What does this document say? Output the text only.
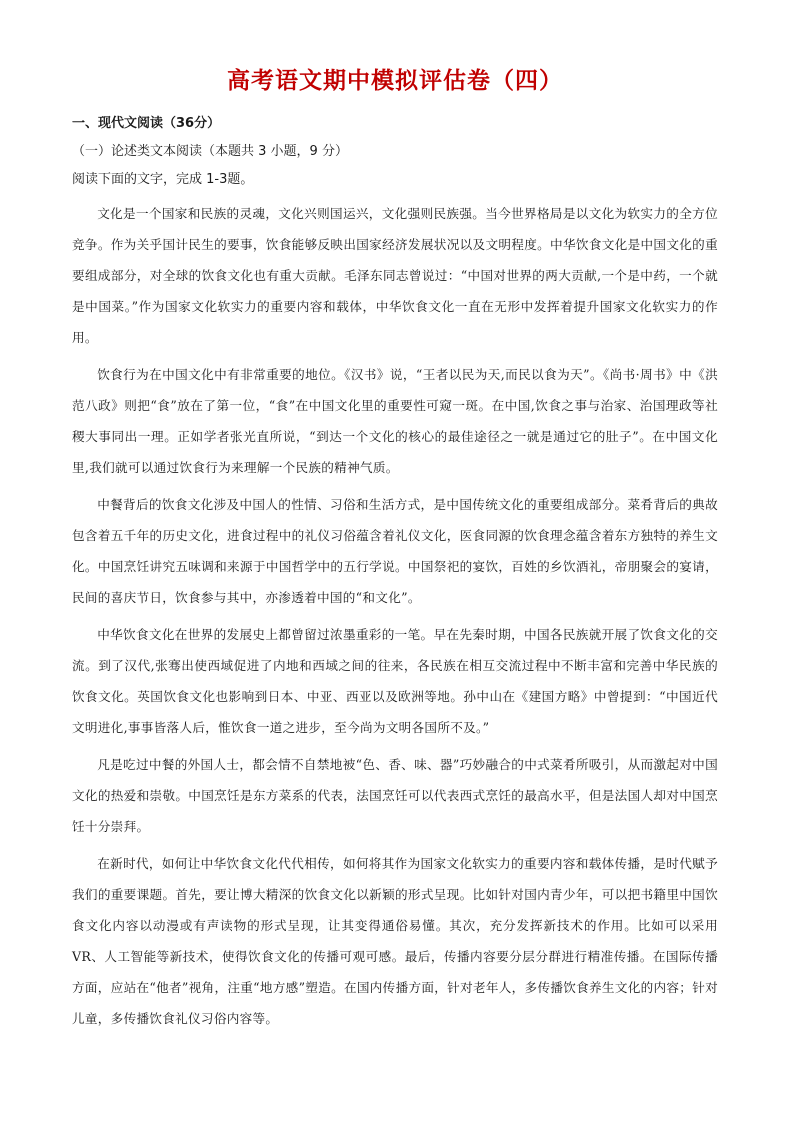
高考语文期中模拟评估卷（四）
一、现代文阅读（36分）
（一）论述类文本阅读（本题共 3 小题，9 分）
阅读下面的文字，完成 1-3题。

文化是一个国家和民族的灵魂，文化兴则国运兴，文化强则民族强。当今世界格局是以文化为软实力的全方位竞争。作为关乎国计民生的要事，饮食能够反映出国家经济发展状况以及文明程度。中华饮食文化是中国文化的重要组成部分，对全球的饮食文化也有重大贡献。毛泽东同志曾说过：“中国对世界的两大贡献,一个是中药，一个就是中国菜。”作为国家文化软实力的重要内容和载体，中华饮食文化一直在无形中发挥着提升国家文化软实力的作用。

饮食行为在中国文化中有非常重要的地位。《汉书》说，“王者以民为天,而民以食为天”。《尚书·周书》中《洪范八政》则把“食”放在了第一位，“食”在中国文化里的重要性可窥一斑。在中国,饮食之事与治家、治国理政等社稷大事同出一理。正如学者张光直所说，“到达一个文化的核心的最佳途径之一就是通过它的肚子”。在中国文化里,我们就可以通过饮食行为来理解一个民族的精神气质。

中餐背后的饮食文化涉及中国人的性情、习俗和生活方式，是中国传统文化的重要组成部分。菜肴背后的典故包含着五千年的历史文化，进食过程中的礼仪习俗蕴含着礼仪文化，医食同源的饮食理念蕴含着东方独特的养生文化。中国烹饪讲究五味调和来源于中国哲学中的五行学说。中国祭祀的宴饮，百姓的乡饮酒礼，帝朋聚会的宴请，民间的喜庆节日，饮食参与其中，亦渗透着中国的“和文化”。

中华饮食文化在世界的发展史上都曾留过浓墨重彩的一笔。早在先秦时期，中国各民族就开展了饮食文化的交流。到了汉代,张骞出使西域促进了内地和西域之间的往来，各民族在相互交流过程中不断丰富和完善中华民族的饮食文化。英国饮食文化也影响到日本、中亚、西亚以及欧洲等地。孙中山在《建国方略》中曾提到：“中国近代文明进化,事事皆落人后，惟饮食一道之进步，至今尚为文明各国所不及。”

凡是吃过中餐的外国人士，都会情不自禁地被“色、香、味、器”巧妙融合的中式菜肴所吸引，从而激起对中国文化的热爱和崇敬。中国烹饪是东方菜系的代表，法国烹饪可以代表西式烹饪的最高水平，但是法国人却对中国烹饪十分崇拜。

在新时代，如何让中华饮食文化代代相传，如何将其作为国家文化软实力的重要内容和载体传播，是时代赋予我们的重要课题。首先，要让博大精深的饮食文化以新颖的形式呈现。比如针对国内青少年，可以把书籍里中国饮食文化内容以动漫或有声读物的形式呈现，让其变得通俗易懂。其次，充分发挥新技术的作用。比如可以采用 VR、人工智能等新技术，使得饮食文化的传播可观可感。最后，传播内容要分层分群进行精准传播。在国际传播方面，应站在“他者”视角，注重“地方感”塑造。在国内传播方面，针对老年人，多传播饮食养生文化的内容；针对儿童，多传播饮食礼仪习俗内容等。
